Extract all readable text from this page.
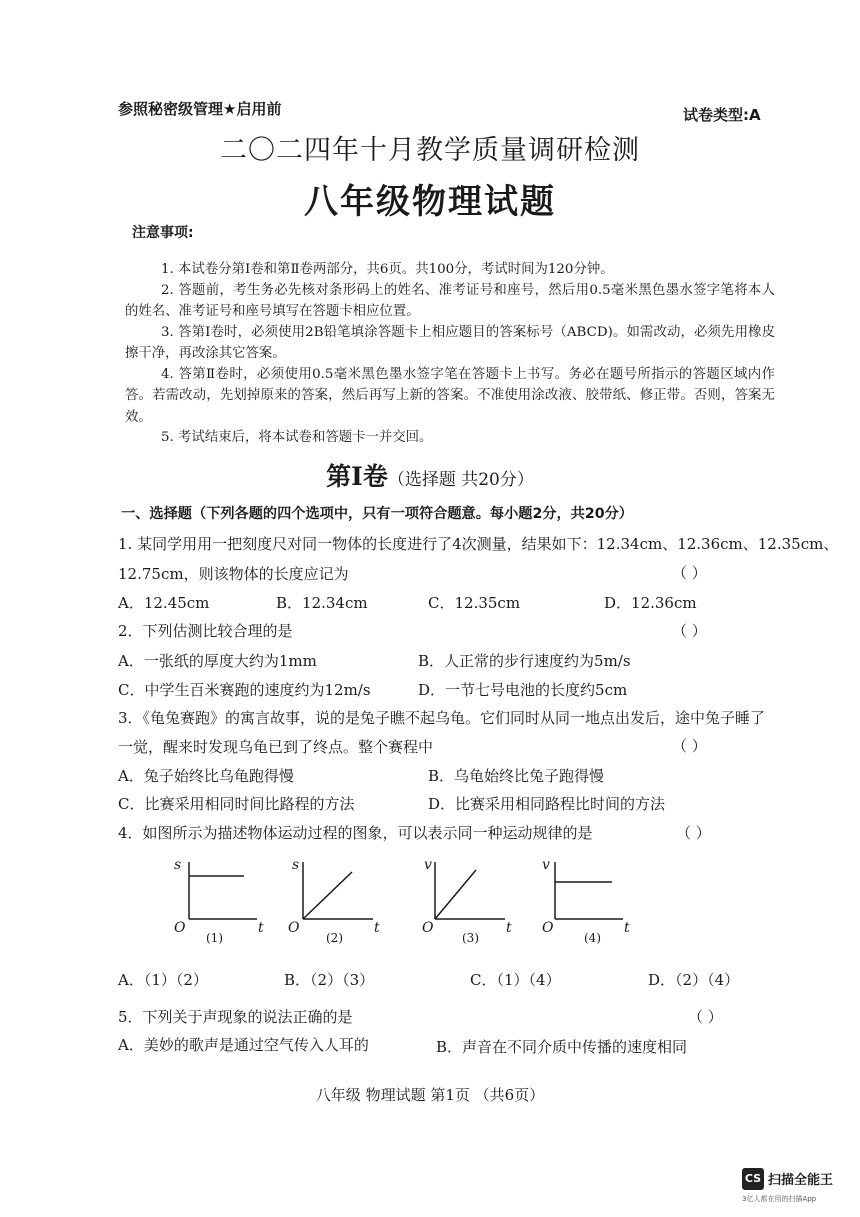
参照秘密级管理★启用前	试卷类型:A
二〇二四年十月教学质量调研检测
八年级物理试题
注意事项:
1. 本试卷分第Ⅰ卷和第Ⅱ卷两部分，共6页。共100分，考试时间为120分钟。
2. 答题前，考生务必先核对条形码上的姓名、准考证号和座号，然后用0.5毫米黑色墨水签字笔将本人的姓名、准考证号和座号填写在答题卡相应位置。
3. 答第Ⅰ卷时，必须使用2B铅笔填涂答题卡上相应题目的答案标号（ABCD)。如需改动，必须先用橡皮擦干净，再改涂其它答案。
4. 答第Ⅱ卷时，必须使用0.5毫米黑色墨水签字笔在答题卡上书写。务必在题号所指示的答题区域内作答。若需改动，先划掉原来的答案，然后再写上新的答案。不准使用涂改液、胶带纸、修正带。否则，答案无效。
5. 考试结束后，将本试卷和答题卡一并交回。
第Ⅰ卷（选择题 共20分）
一、选择题（下列各题的四个选项中，只有一项符合题意。每小题2分，共20分）
1. 某同学用用一把刻度尺对同一物体的长度进行了4次测量，结果如下：12.34cm、12.36cm、12.35cm、
12.75cm，则该物体的长度应记为	（ ）
A．12.45cm	B．12.34cm	C．12.35cm	D．12.36cm
2．下列估测比较合理的是	（ ）
A．一张纸的厚度大约为1mm	B．人正常的步行速度约为5m/s
C．中学生百米赛跑的速度约为12m/s	D．一节七号电池的长度约5cm
3．《龟兔赛跑》的寓言故事，说的是兔子瞧不起乌龟。它们同时从同一地点出发后，途中兔子睡了
一觉，醒来时发现乌龟已到了终点。整个赛程中	（ ）
A．兔子始终比乌龟跑得慢	B．乌龟始终比兔子跑得慢
C．比赛采用相同时间比路程的方法	D．比赛采用相同路程比时间的方法
4．如图所示为描述物体运动过程的图象，可以表示同一种运动规律的是	（ ）
s
O	t
(1)
s
O	t
(2)
v
O	t
(3)
v
O	t
(4)
A．（1）（2）	B．（2）（3）	C．（1）（4）	D．（2）（4）
5．下列关于声现象的说法正确的是	（ ）
A．美妙的歌声是通过空气传入人耳的	B．声音在不同介质中传播的速度相同
八年级 物理试题 第1页 （共6页）
CS 扫描全能王
3亿人都在用的扫描App
